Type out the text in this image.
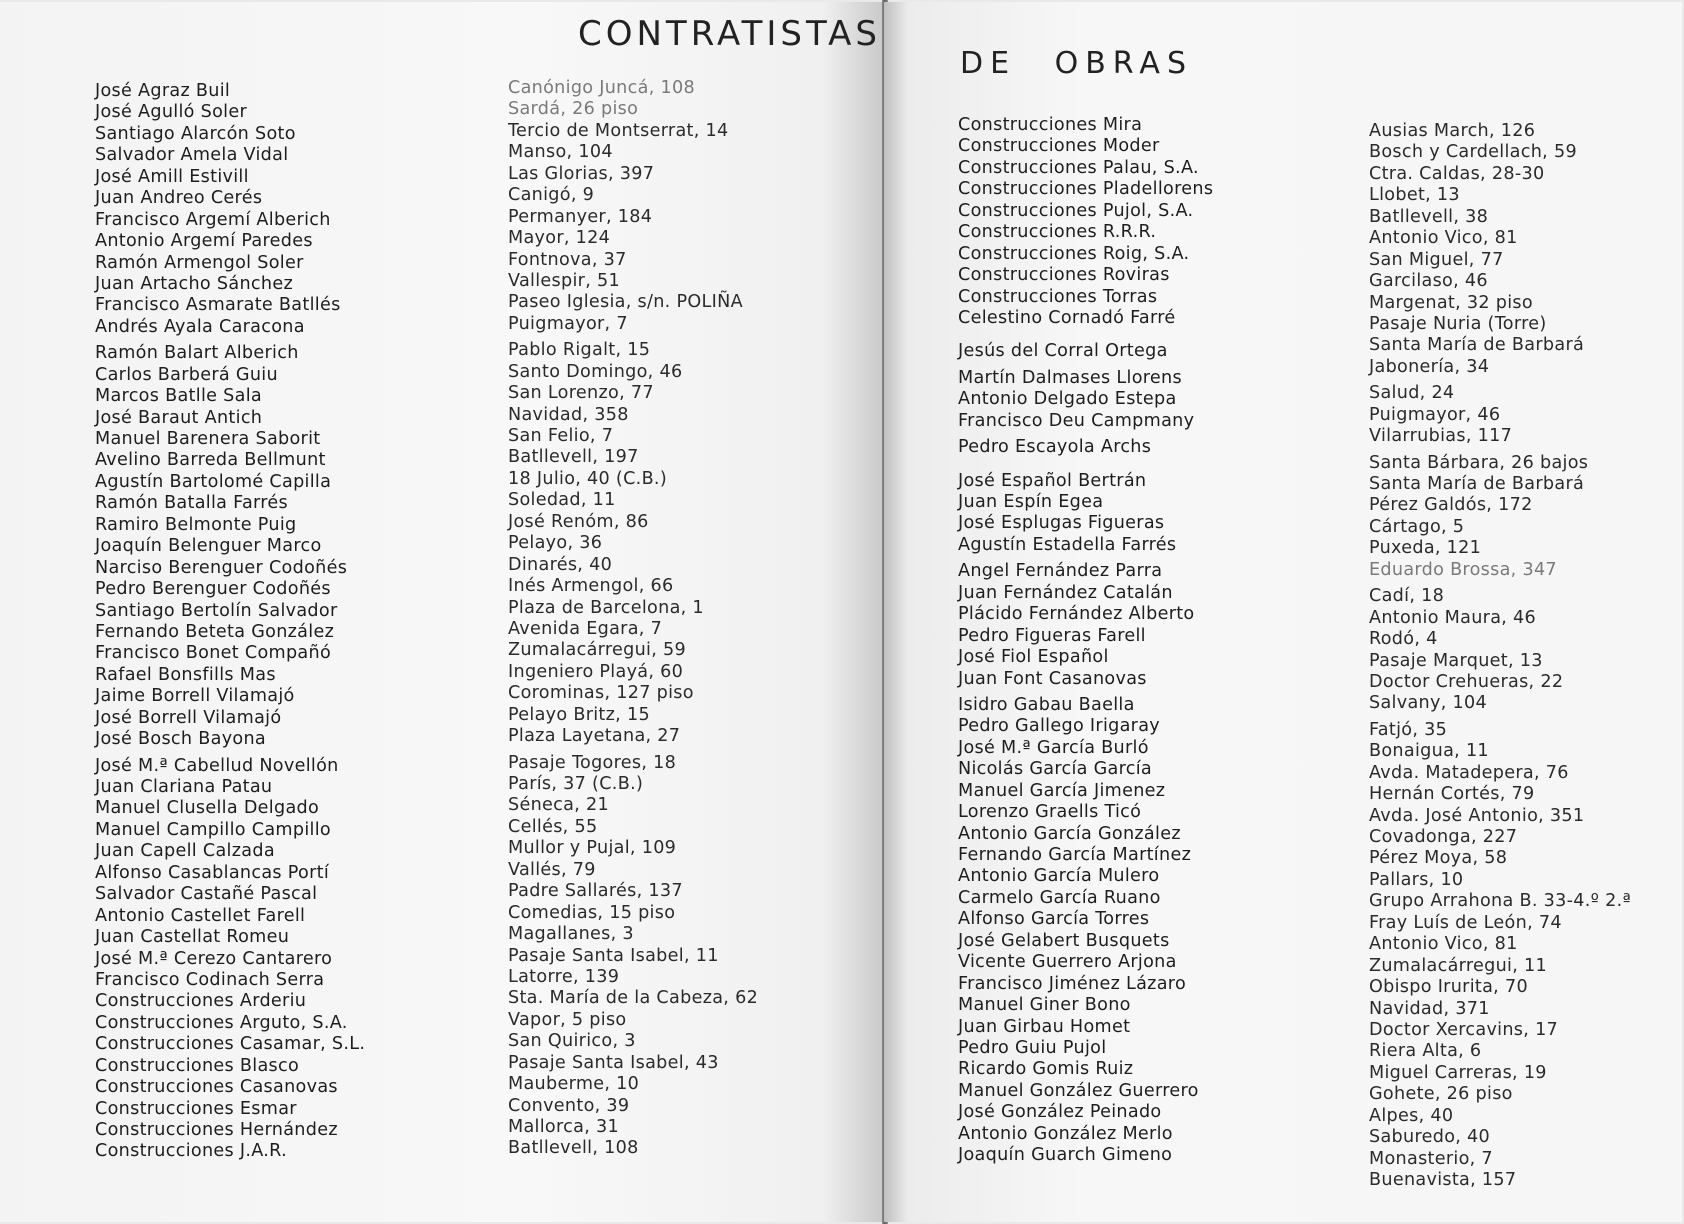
CONTRATISTAS
José Agraz Buil
José Agulló Soler
Santiago Alarcón Soto
Salvador Amela Vidal
José Amill Estivill
Juan Andreo Cerés
Francisco Argemí Alberich
Antonio Argemí Paredes
Ramón Armengol Soler
Juan Artacho Sánchez
Francisco Asmarate Batllés
Andrés Ayala Caracona
Ramón Balart Alberich
Carlos Barberá Guiu
Marcos Batlle Sala
José Baraut Antich
Manuel Barenera Saborit
Avelino Barreda Bellmunt
Agustín Bartolomé Capilla
Ramón Batalla Farrés
Ramiro Belmonte Puig
Joaquín Belenguer Marco
Narciso Berenguer Codoñés
Pedro Berenguer Codoñés
Santiago Bertolín Salvador
Fernando Beteta González
Francisco Bonet Compañó
Rafael Bonsfills Mas
Jaime Borrell Vilamajó
José Borrell Vilamajó
José Bosch Bayona
José M.ª Cabellud Novellón
Juan Clariana Patau
Manuel Clusella Delgado
Manuel Campillo Campillo
Juan Capell Calzada
Alfonso Casablancas Portí
Salvador Castañé Pascal
Antonio Castellet Farell
Juan Castellat Romeu
José M.ª Cerezo Cantarero
Francisco Codinach Serra
Construcciones Arderiu
Construcciones Arguto, S.A.
Construcciones Casamar, S.L.
Construcciones Blasco
Construcciones Casanovas
Construcciones Esmar
Construcciones Hernández
Construcciones J.A.R.
Canónigo Juncá, 108
Sardá, 26 piso
Tercio de Montserrat, 14
Manso, 104
Las Glorias, 397
Canigó, 9
Permanyer, 184
Mayor, 124
Fontnova, 37
Vallespir, 51
Paseo Iglesia, s/n. POLIÑA
Puigmayor, 7
Pablo Rigalt, 15
Santo Domingo, 46
San Lorenzo, 77
Navidad, 358
San Felio, 7
Batllevell, 197
18 Julio, 40 (C.B.)
Soledad, 11
José Renóm, 86
Pelayo, 36
Dinarés, 40
Inés Armengol, 66
Plaza de Barcelona, 1
Avenida Egara, 7
Zumalacárregui, 59
Ingeniero Playá, 60
Corominas, 127 piso
Pelayo Britz, 15
Plaza Layetana, 27
Pasaje Togores, 18
París, 37 (C.B.)
Séneca, 21
Cellés, 55
Mullor y Pujal, 109
Vallés, 79
Padre Sallarés, 137
Comedias, 15 piso
Magallanes, 3
Pasaje Santa Isabel, 11
Latorre, 139
Sta. María de la Cabeza, 62
Vapor, 5 piso
San Quirico, 3
Pasaje Santa Isabel, 43
Mauberme, 10
Convento, 39
Mallorca, 31
Batllevell, 108
DE OBRAS
Construcciones Mira
Construcciones Moder
Construcciones Palau, S.A.
Construcciones Pladellorens
Construcciones Pujol, S.A.
Construcciones R.R.R.
Construcciones Roig, S.A.
Construcciones Roviras
Construcciones Torras
Celestino Cornadó Farré
Jesús del Corral Ortega
Martín Dalmases Llorens
Antonio Delgado Estepa
Francisco Deu Campmany
Pedro Escayola Archs
José Español Bertrán
Juan Espín Egea
José Esplugas Figueras
Agustín Estadella Farrés
Angel Fernández Parra
Juan Fernández Catalán
Plácido Fernández Alberto
Pedro Figueras Farell
José Fiol Español
Juan Font Casanovas
Isidro Gabau Baella
Pedro Gallego Irigaray
José M.ª García Burló
Nicolás García García
Manuel García Jimenez
Lorenzo Graells Ticó
Antonio García González
Fernando García Martínez
Antonio García Mulero
Carmelo García Ruano
Alfonso García Torres
José Gelabert Busquets
Vicente Guerrero Arjona
Francisco Jiménez Lázaro
Manuel Giner Bono
Juan Girbau Homet
Pedro Guiu Pujol
Ricardo Gomis Ruiz
Manuel González Guerrero
José González Peinado
Antonio González Merlo
Joaquín Guarch Gimeno
Ausias March, 126
Bosch y Cardellach, 59
Ctra. Caldas, 28-30
Llobet, 13
Batllevell, 38
Antonio Vico, 81
San Miguel, 77
Garcilaso, 46
Margenat, 32 piso
Pasaje Nuria (Torre)
Santa María de Barbará
Jabonería, 34
Salud, 24
Puigmayor, 46
Vilarrubias, 117
Santa Bárbara, 26 bajos
Santa María de Barbará
Pérez Galdós, 172
Cártago, 5
Puxeda, 121
Eduardo Brossa, 347
Cadí, 18
Antonio Maura, 46
Rodó, 4
Pasaje Marquet, 13
Doctor Crehueras, 22
Salvany, 104
Fatjó, 35
Bonaigua, 11
Avda. Matadepera, 76
Hernán Cortés, 79
Avda. José Antonio, 351
Covadonga, 227
Pérez Moya, 58
Pallars, 10
Grupo Arrahona B. 33-4.º 2.ª
Fray Luís de León, 74
Antonio Vico, 81
Zumalacárregui, 11
Obispo Irurita, 70
Navidad, 371
Doctor Xercavins, 17
Riera Alta, 6
Miguel Carreras, 19
Gohete, 26 piso
Alpes, 40
Saburedo, 40
Monasterio, 7
Buenavista, 157
